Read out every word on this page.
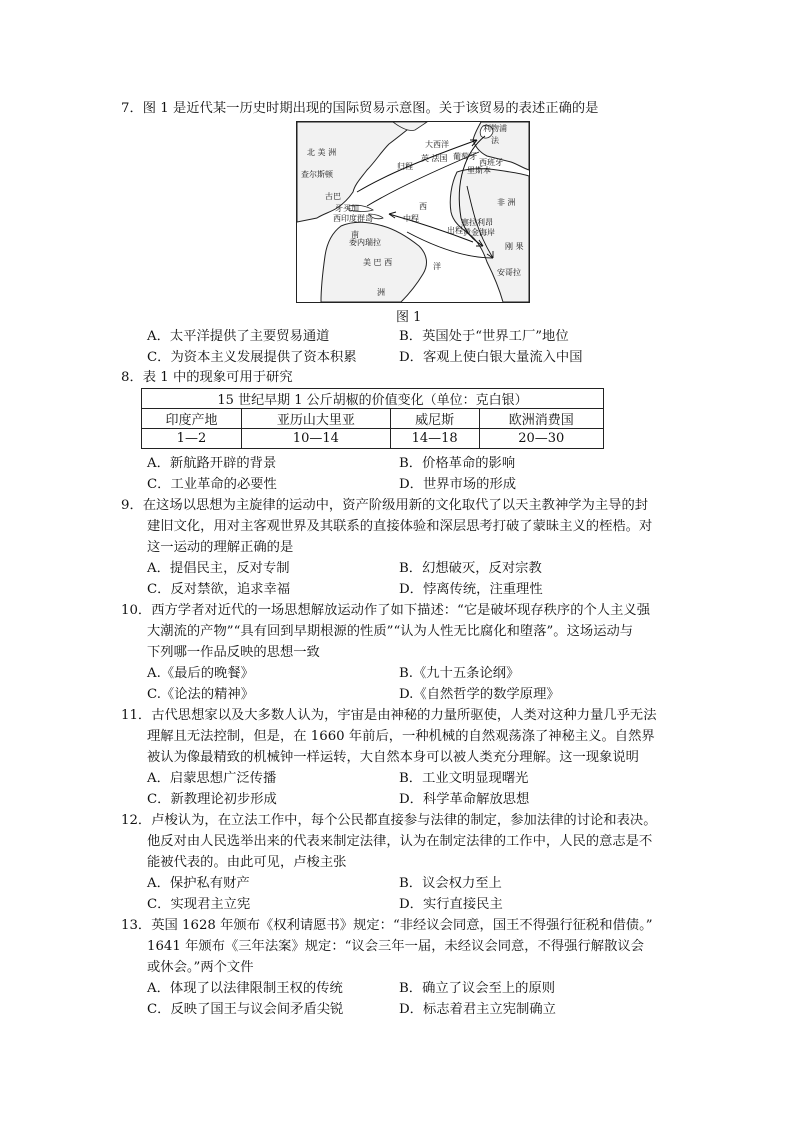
7．图 1 是近代某一历史时期出现的国际贸易示意图。关于该贸易的表述正确的是
北 美 洲
大西洋
利物浦
法
英 法国 葡萄牙
西班牙
里斯本
归程
查尔斯顿
古巴
牙买加
西印度群岛
西	非 洲
中程
出程
塞拉利昂
黄金海岸
刚 果
南
委内瑞拉
美 巴 西	洋
安哥拉
洲
图 1
A．太平洋提供了主要贸易通道	B．英国处于“世界工厂”地位
C．为资本主义发展提供了资本积累	D．客观上使白银大量流入中国
8．表 1 中的现象可用于研究
15 世纪早期 1 公斤胡椒的价值变化（单位：克白银）			
印度产地	亚历山大里亚	威尼斯	欧洲消费国
1—2	10—14	14—18	20—30
A．新航路开辟的背景	B．价格革命的影响
C．工业革命的必要性	D．世界市场的形成
9．在这场以思想为主旋律的运动中，资产阶级用新的文化取代了以天主教神学为主导的封
建旧文化，用对主客观世界及其联系的直接体验和深层思考打破了蒙昧主义的桎梏。对
这一运动的理解正确的是
A．提倡民主，反对专制	B．幻想破灭，反对宗教
C．反对禁欲，追求幸福	D．悖离传统，注重理性
10．西方学者对近代的一场思想解放运动作了如下描述：“它是破坏现存秩序的个人主义强
大潮流的产物”“具有回到早期根源的性质”“认为人性无比腐化和堕落”。这场运动与
下列哪一作品反映的思想一致
A.《最后的晚餐》	B.《九十五条论纲》
C.《论法的精神》	D.《自然哲学的数学原理》
11．古代思想家以及大多数人认为，宇宙是由神秘的力量所驱使，人类对这种力量几乎无法
理解且无法控制，但是，在 1660 年前后，一种机械的自然观荡涤了神秘主义。自然界
被认为像最精致的机械钟一样运转，大自然本身可以被人类充分理解。这一现象说明
A．启蒙思想广泛传播	B．工业文明显现曙光
C．新教理论初步形成	D．科学革命解放思想
12．卢梭认为，在立法工作中，每个公民都直接参与法律的制定，参加法律的讨论和表决。
他反对由人民选举出来的代表来制定法律，认为在制定法律的工作中，人民的意志是不
能被代表的。由此可见，卢梭主张
A．保护私有财产	B．议会权力至上
C．实现君主立宪	D．实行直接民主
13．英国 1628 年颁布《权利请愿书》规定：“非经议会同意，国王不得强行征税和借债。”
1641 年颁布《三年法案》规定：“议会三年一届，未经议会同意，不得强行解散议会
或休会。”两个文件
A．体现了以法律限制王权的传统	B．确立了议会至上的原则
C．反映了国王与议会间矛盾尖锐	D．标志着君主立宪制确立
